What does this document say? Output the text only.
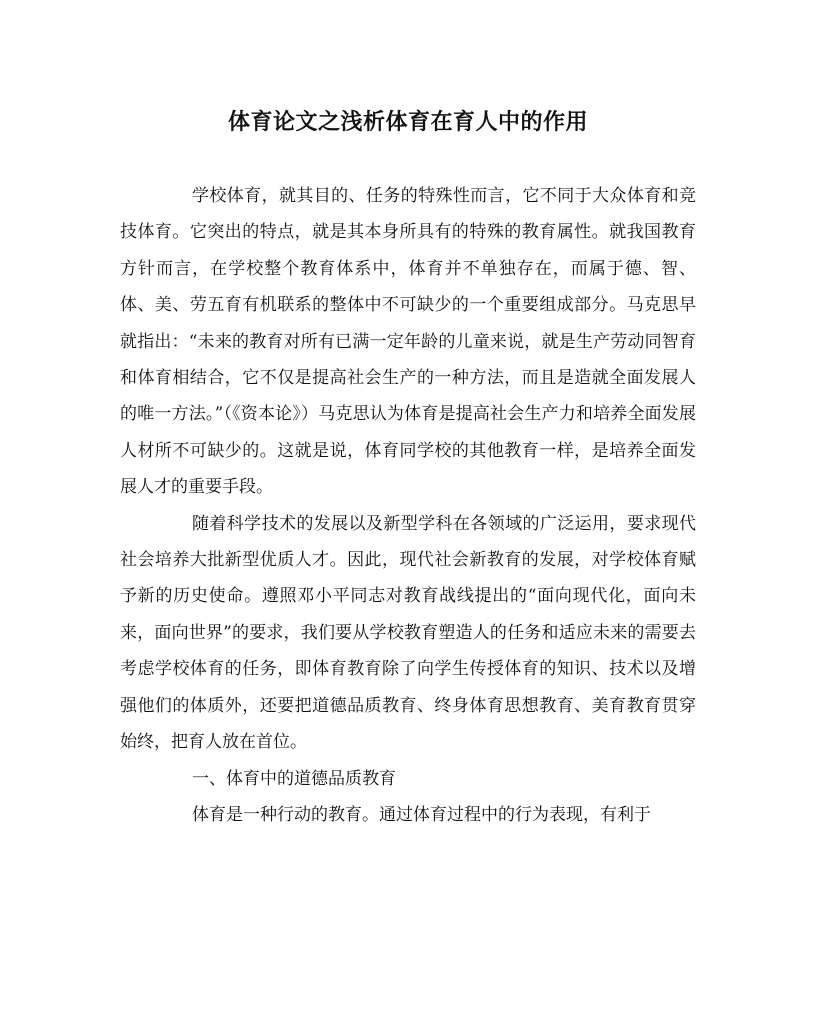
体育论文之浅析体育在育人中的作用

学校体育，就其目的、任务的特殊性而言，它不同于大众体育和竞技体育。它突出的特点，就是其本身所具有的特殊的教育属性。就我国教育方针而言，在学校整个教育体系中，体育并不单独存在，而属于德、智、体、美、劳五育有机联系的整体中不可缺少的一个重要组成部分。马克思早就指出：“未来的教育对所有已满一定年龄的儿童来说，就是生产劳动同智育和体育相结合，它不仅是提高社会生产的一种方法，而且是造就全面发展人的唯一方法。”（《资本论》）马克思认为体育是提高社会生产力和培养全面发展人材所不可缺少的。这就是说，体育同学校的其他教育一样，是培养全面发展人才的重要手段。

随着科学技术的发展以及新型学科在各领域的广泛运用，要求现代社会培养大批新型优质人才。因此，现代社会新教育的发展，对学校体育赋予新的历史使命。遵照邓小平同志对教育战线提出的“面向现代化，面向未来，面向世界”的要求，我们要从学校教育塑造人的任务和适应未来的需要去考虑学校体育的任务，即体育教育除了向学生传授体育的知识、技术以及增强他们的体质外，还要把道德品质教育、终身体育思想教育、美育教育贯穿始终，把育人放在首位。

一、体育中的道德品质教育

体育是一种行动的教育。通过体育过程中的行为表现，有利于
